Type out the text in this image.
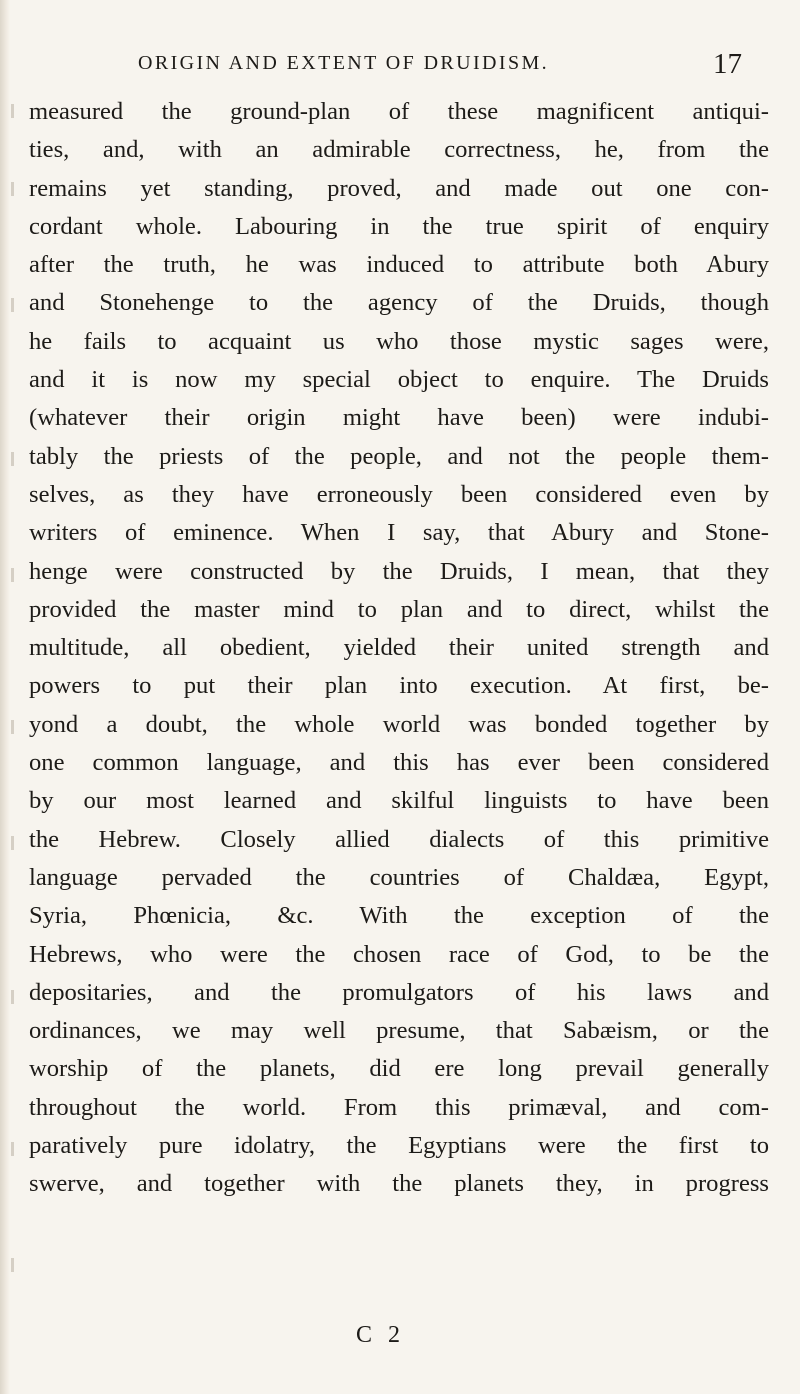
ORIGIN AND EXTENT OF DRUIDISM.	17
measured the ground-plan of these magnificent antiqui-
ties, and, with an admirable correctness, he, from the
remains yet standing, proved, and made out one con-
cordant whole. Labouring in the true spirit of enquiry
after the truth, he was induced to attribute both Abury
and Stonehenge to the agency of the Druids, though
he fails to acquaint us who those mystic sages were,
and it is now my special object to enquire. The Druids
(whatever their origin might have been) were indubi-
tably the priests of the people, and not the people them-
selves, as they have erroneously been considered even by
writers of eminence. When I say, that Abury and Stone-
henge were constructed by the Druids, I mean, that they
provided the master mind to plan and to direct, whilst the
multitude, all obedient, yielded their united strength and
powers to put their plan into execution. At first, be-
yond a doubt, the whole world was bonded together by
one common language, and this has ever been considered
by our most learned and skilful linguists to have been
the Hebrew. Closely allied dialects of this primitive
language pervaded the countries of Chaldæa, Egypt,
Syria, Phœnicia, &c. With the exception of the
Hebrews, who were the chosen race of God, to be the
depositaries, and the promulgators of his laws and
ordinances, we may well presume, that Sabæism, or the
worship of the planets, did ere long prevail generally
throughout the world. From this primæval, and com-
paratively pure idolatry, the Egyptians were the first to
swerve, and together with the planets they, in progress
C 2
